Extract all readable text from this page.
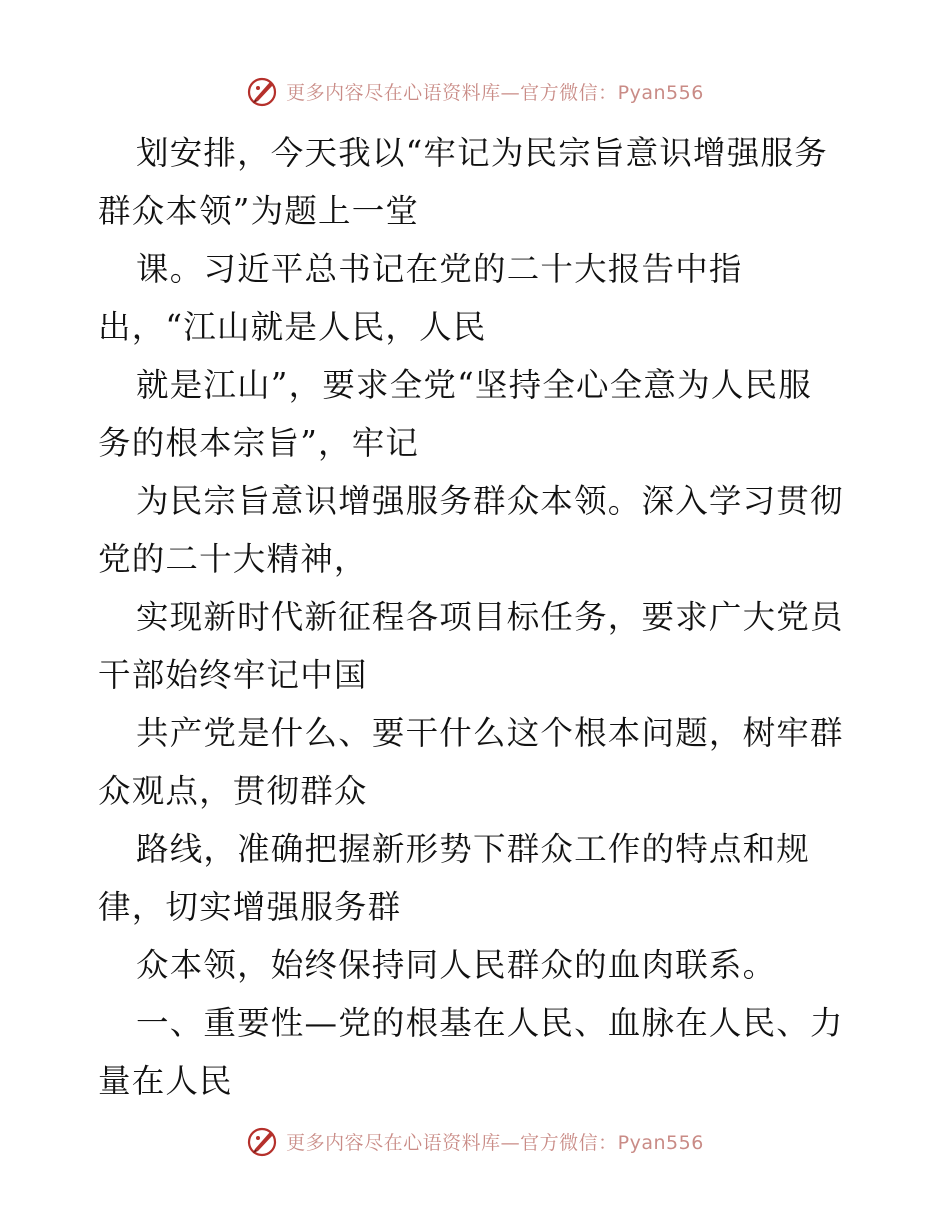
更多内容尽在心语资料库—官方微信：Pyan556
划安排，今天我以“牢记为民宗旨意识增强服务
群众本领”为题上一堂
课。习近平总书记在党的二十大报告中指
出，“江山就是人民，人民
就是江山”，要求全党“坚持全心全意为人民服
务的根本宗旨”，牢记
为民宗旨意识增强服务群众本领。深入学习贯彻
党的二十大精神，
实现新时代新征程各项目标任务，要求广大党员
干部始终牢记中国
共产党是什么、要干什么这个根本问题，树牢群
众观点，贯彻群众
路线，准确把握新形势下群众工作的特点和规
律，切实增强服务群
众本领，始终保持同人民群众的血肉联系。
一、重要性—党的根基在人民、血脉在人民、力
量在人民
更多内容尽在心语资料库—官方微信：Pyan556
